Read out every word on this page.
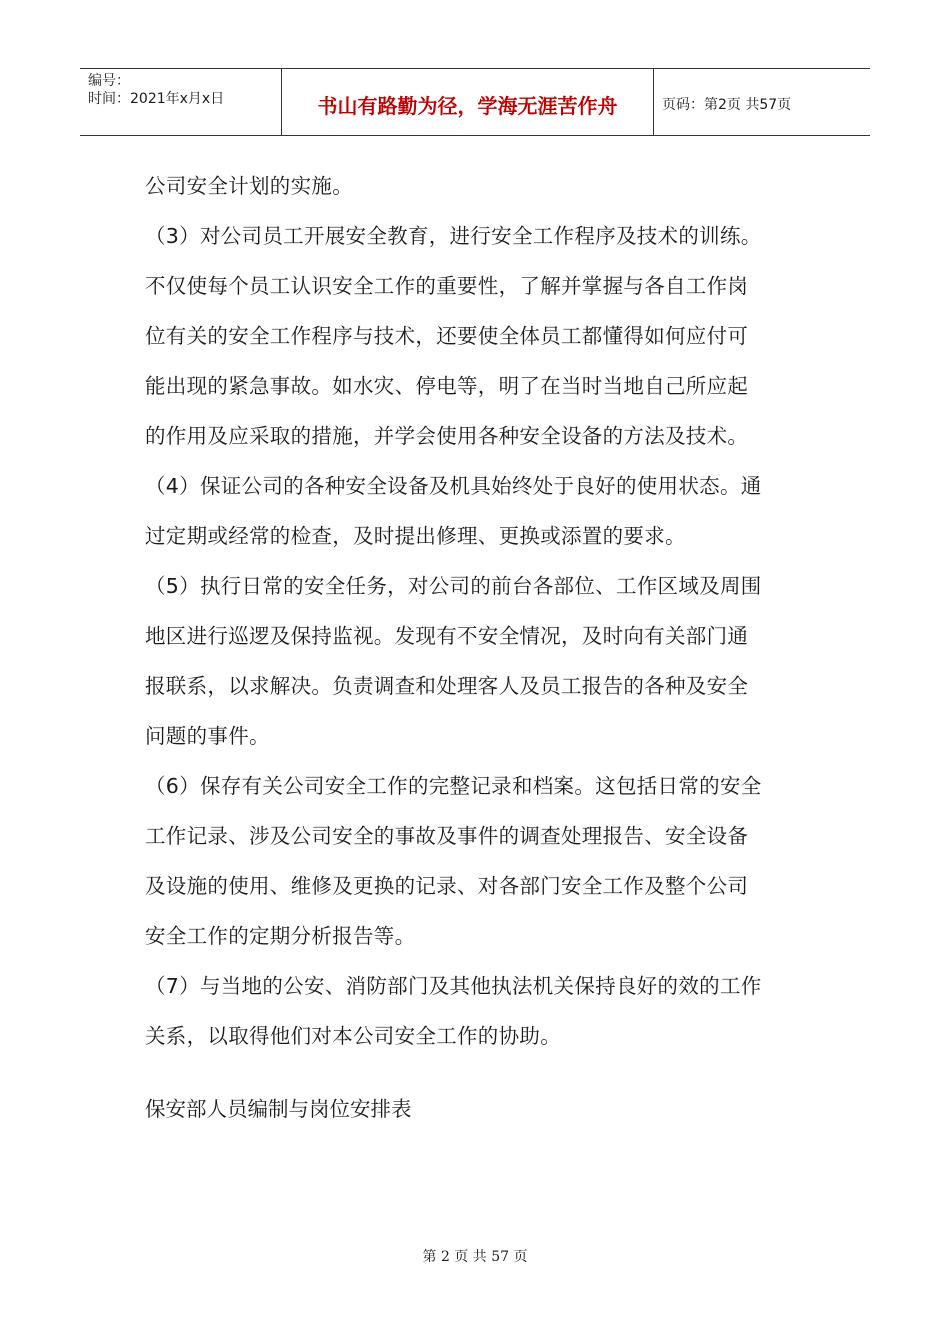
编号：
时间：2021年x月x日	书山有路勤为径，学海无涯苦作舟	页码：第2页 共57页

公司安全计划的实施。

（3）对公司员工开展安全教育，进行安全工作程序及技术的训练。

不仅使每个员工认识安全工作的重要性，了解并掌握与各自工作岗

位有关的安全工作程序与技术，还要使全体员工都懂得如何应付可

能出现的紧急事故。如水灾、停电等，明了在当时当地自己所应起

的作用及应采取的措施，并学会使用各种安全设备的方法及技术。

（4）保证公司的各种安全设备及机具始终处于良好的使用状态。通

过定期或经常的检查，及时提出修理、更换或添置的要求。

（5）执行日常的安全任务，对公司的前台各部位、工作区域及周围

地区进行巡逻及保持监视。发现有不安全情况，及时向有关部门通

报联系，以求解决。负责调查和处理客人及员工报告的各种及安全

问题的事件。

（6）保存有关公司安全工作的完整记录和档案。这包括日常的安全

工作记录、涉及公司安全的事故及事件的调查处理报告、安全设备

及设施的使用、维修及更换的记录、对各部门安全工作及整个公司

安全工作的定期分析报告等。

（7）与当地的公安、消防部门及其他执法机关保持良好的效的工作

关系，以取得他们对本公司安全工作的协助。

保安部人员编制与岗位安排表
第 2 页 共 57 页
